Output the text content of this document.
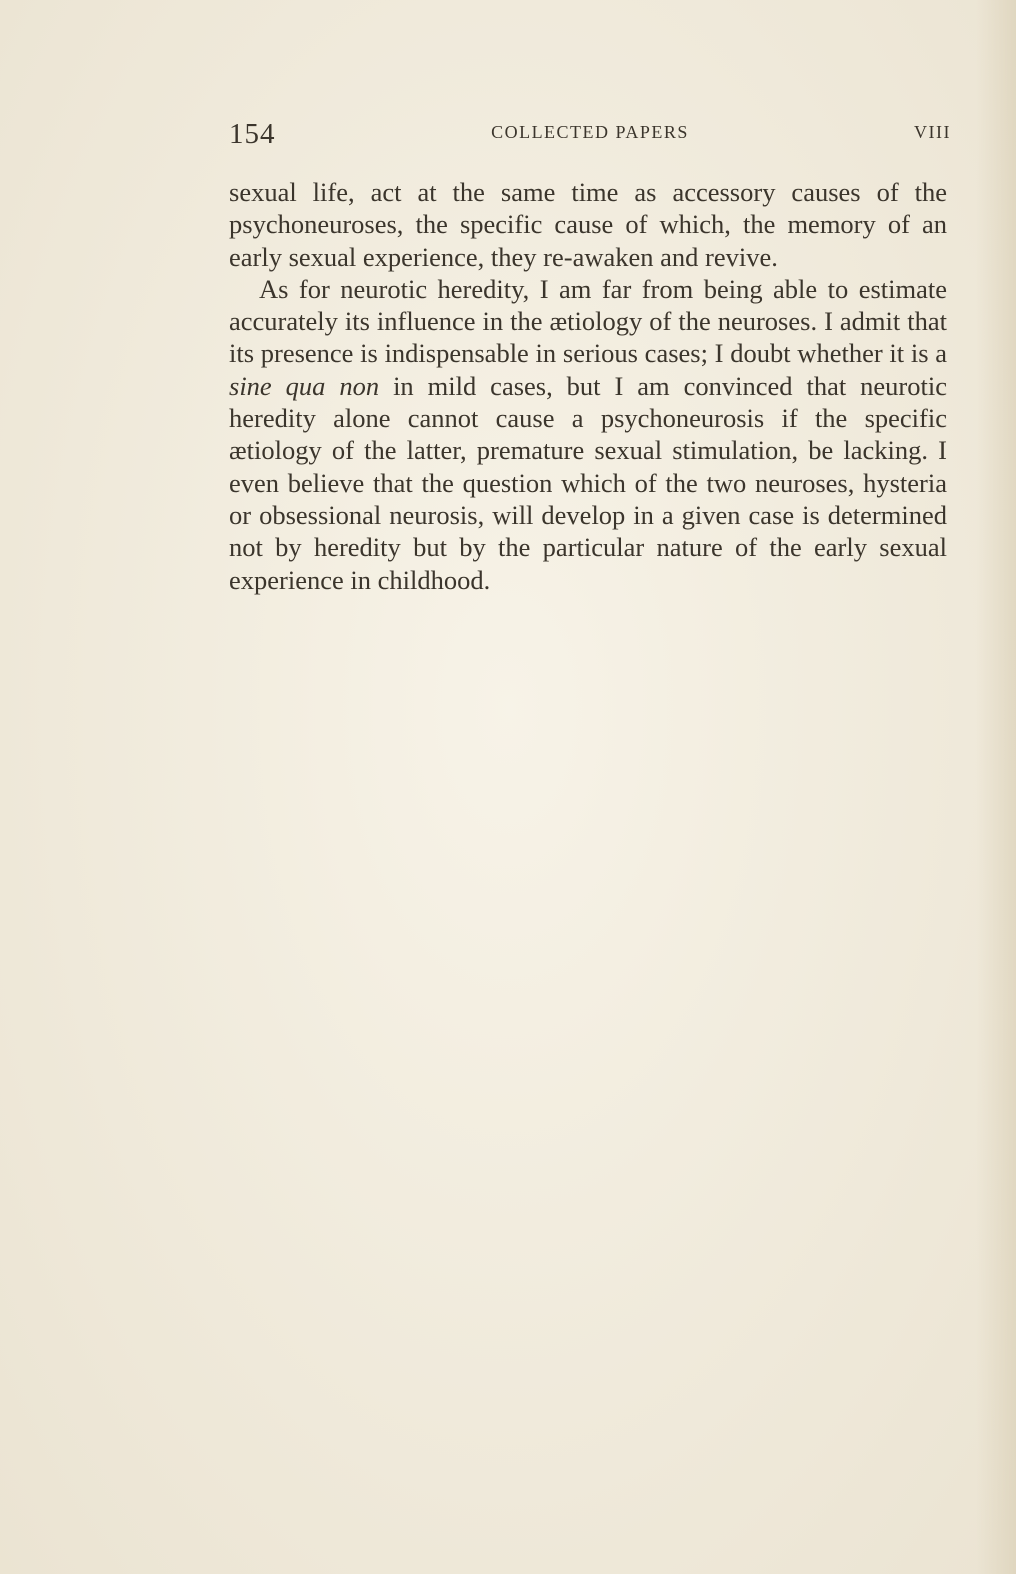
154	COLLECTED PAPERS	VIII

sexual life, act at the same time as accessory causes of the psychoneuroses, the specific cause of which, the memory of an early sexual experience, they re-awaken and revive.

As for neurotic heredity, I am far from being able to estimate accurately its influence in the ætiology of the neuroses. I admit that its presence is indispensable in serious cases; I doubt whether it is a sine qua non in mild cases, but I am convinced that neurotic heredity alone cannot cause a psychoneurosis if the specific ætiology of the latter, premature sexual stimulation, be lacking. I even believe that the question which of the two neuroses, hysteria or obsessional neurosis, will develop in a given case is determined not by heredity but by the particular nature of the early sexual experience in childhood.
